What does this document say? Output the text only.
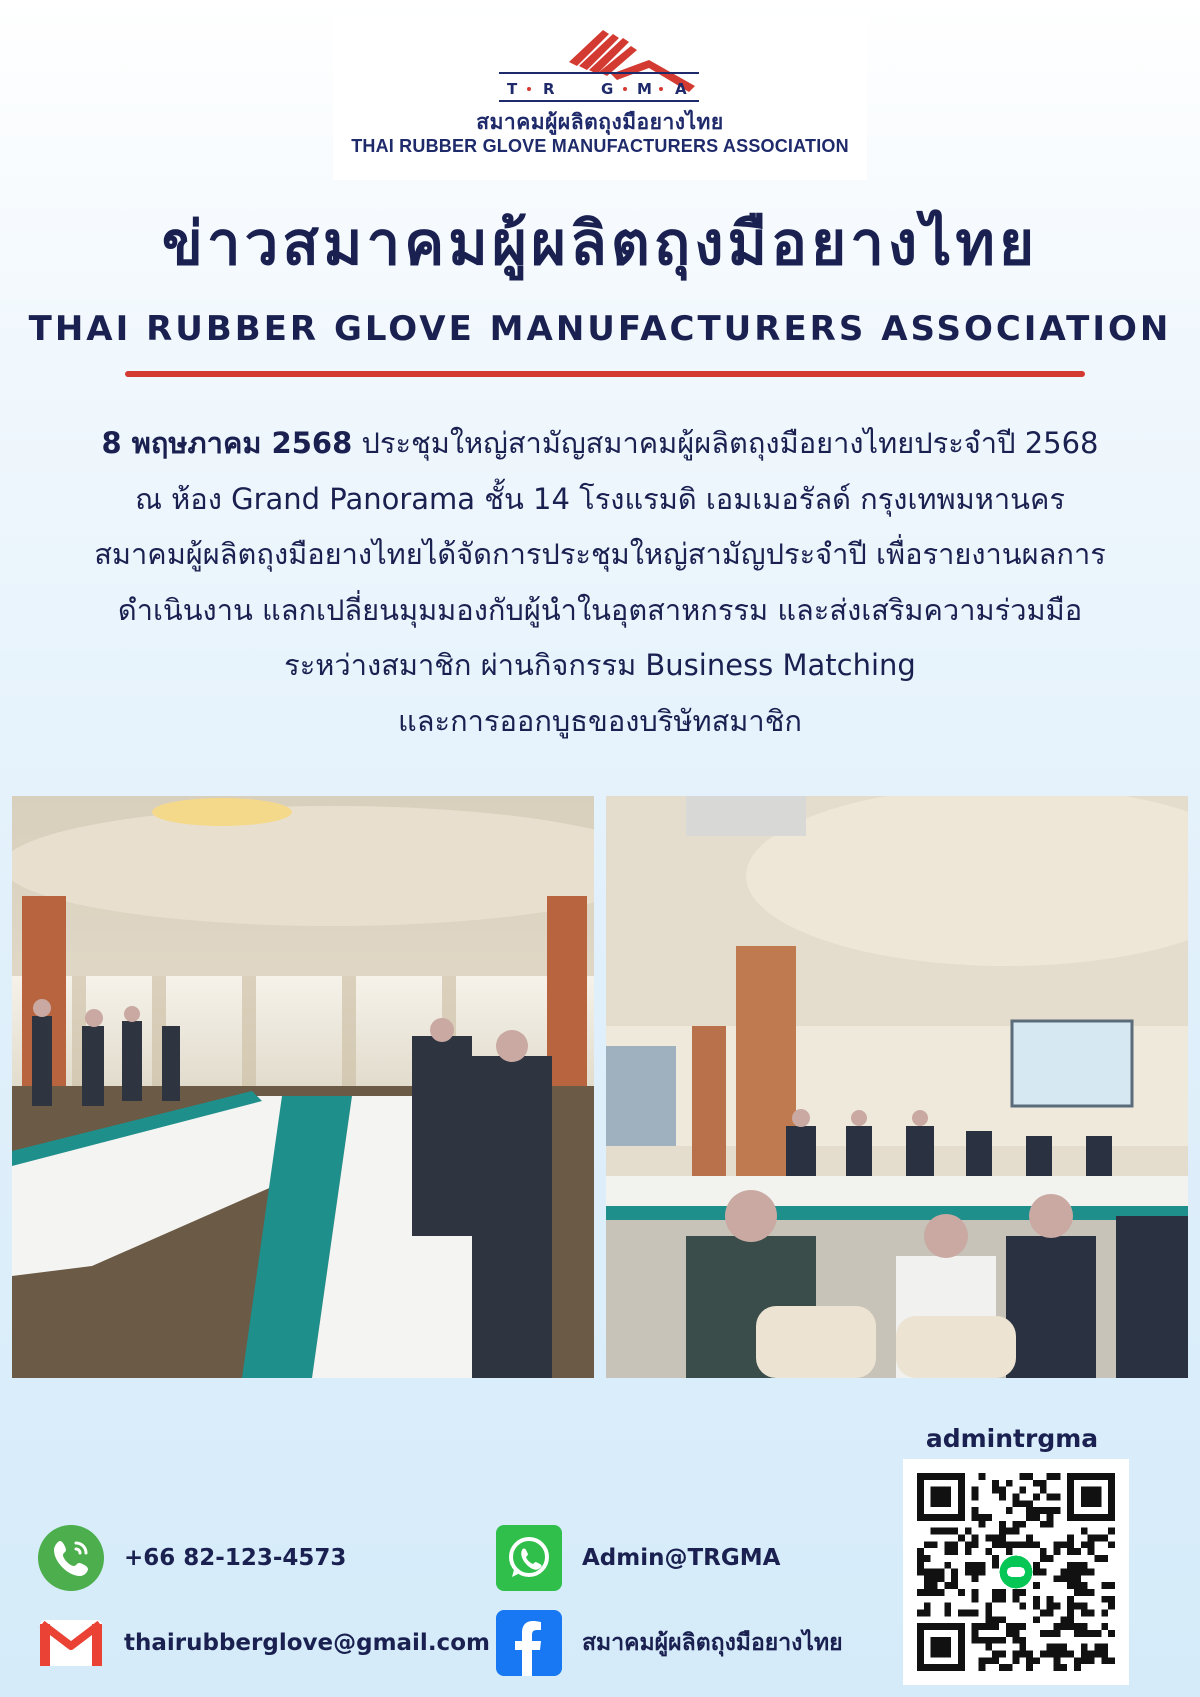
T R	G M A
สมาคมผู้ผลิตถุงมือยางไทย
THAI RUBBER GLOVE MANUFACTURERS ASSOCIATION
ข่าวสมาคมผู้ผลิตถุงมือยางไทย
THAI RUBBER GLOVE MANUFACTURERS ASSOCIATION
8 พฤษภาคม 2568 ประชุมใหญ่สามัญสมาคมผู้ผลิตถุงมือยางไทยประจำปี 2568
ณ ห้อง Grand Panorama ชั้น 14 โรงแรมดิ เอมเมอรัลด์ กรุงเทพมหานคร
สมาคมผู้ผลิตถุงมือยางไทยได้จัดการประชุมใหญ่สามัญประจำปี เพื่อรายงานผลการ
ดำเนินงาน แลกเปลี่ยนมุมมองกับผู้นำในอุตสาหกรรม และส่งเสริมความร่วมมือ
ระหว่างสมาชิก ผ่านกิจกรรม Business Matching
และการออกบูธของบริษัทสมาชิก
admintrgma
+66 82-123-4573
thairubberglove@gmail.com
Admin@TRGMA
สมาคมผู้ผลิตถุงมือยางไทย
